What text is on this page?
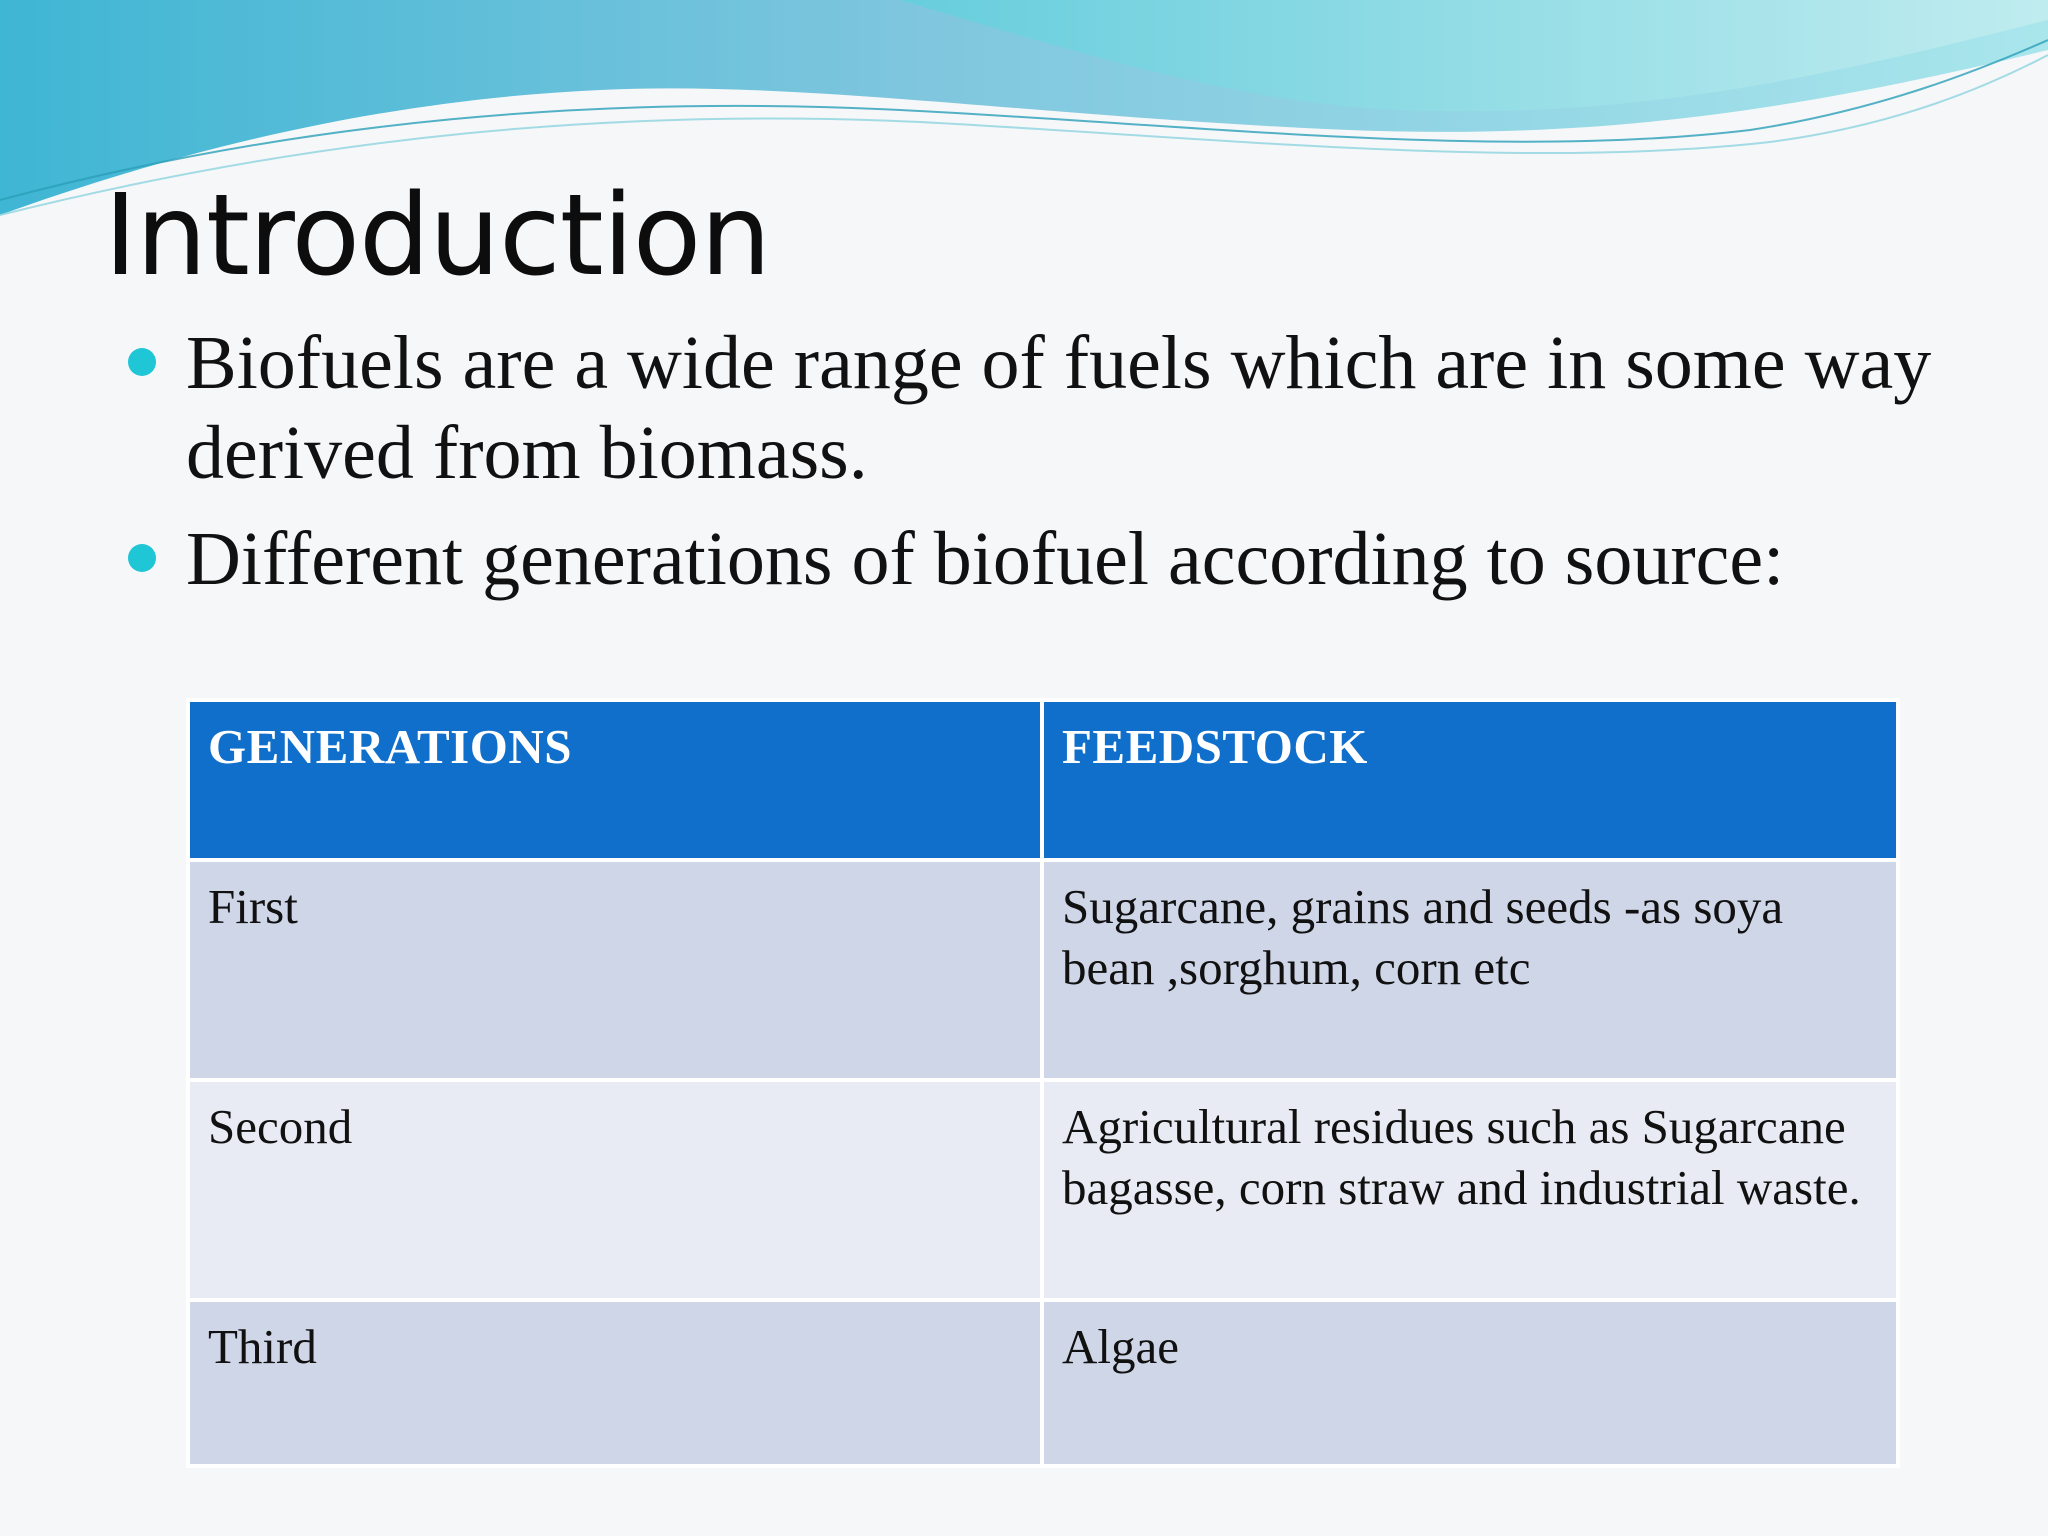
Introduction
Biofuels are a wide range of fuels which are in some way derived from biomass.
Different generations of biofuel according to source:
GENERATIONS	FEEDSTOCK
First	Sugarcane, grains and seeds -as soya bean ,sorghum, corn etc
Second	Agricultural residues such as Sugarcane bagasse, corn straw and industrial waste.
Third	Algae
